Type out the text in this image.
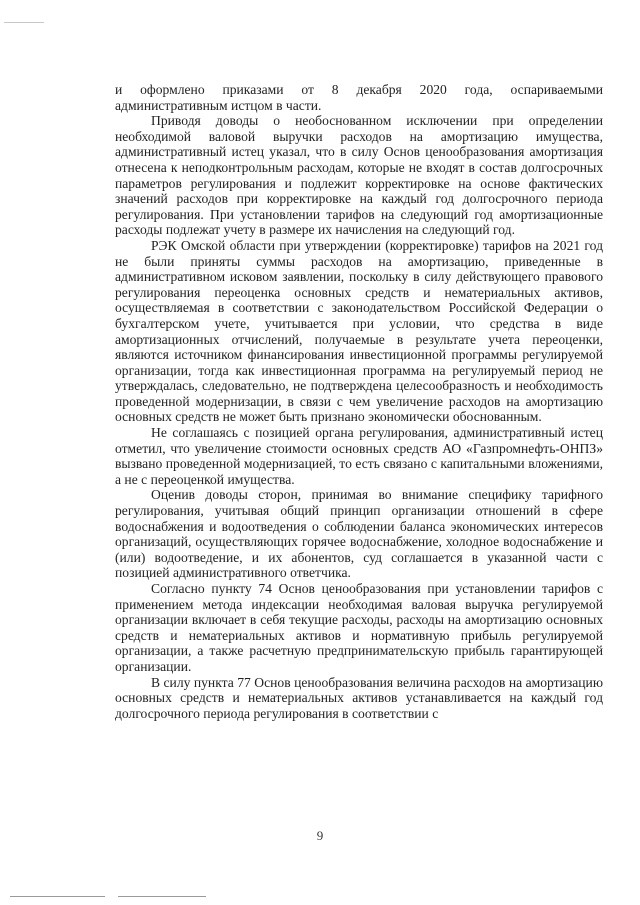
и оформлено приказами от 8 декабря 2020 года, оспариваемыми административным истцом в части.

Приводя доводы о необоснованном исключении при определении необходимой валовой выручки расходов на амортизацию имущества, административный истец указал, что в силу Основ ценообразования амортизация отнесена к неподконтрольным расходам, которые не входят в состав долгосрочных параметров регулирования и подлежит корректировке на основе фактических значений расходов при корректировке на каждый год долгосрочного периода регулирования. При установлении тарифов на следующий год амортизационные расходы подлежат учету в размере их начисления на следующий год.

РЭК Омской области при утверждении (корректировке) тарифов на 2021 год не были приняты суммы расходов на амортизацию, приведенные в административном исковом заявлении, поскольку в силу действующего правового регулирования переоценка основных средств и нематериальных активов, осуществляемая в соответствии с законодательством Российской Федерации о бухгалтерском учете, учитывается при условии, что средства в виде амортизационных отчислений, получаемые в результате учета переоценки, являются источником финансирования инвестиционной программы регулируемой организации, тогда как инвестиционная программа на регулируемый период не утверждалась, следовательно, не подтверждена целесообразность и необходимость проведенной модернизации, в связи с чем увеличение расходов на амортизацию основных средств не может быть признано экономически обоснованным.

Не соглашаясь с позицией органа регулирования, административный истец отметил, что увеличение стоимости основных средств АО «Газпромнефть-ОНПЗ» вызвано проведенной модернизацией, то есть связано с капитальными вложениями, а не с переоценкой имущества.

Оценив доводы сторон, принимая во внимание специфику тарифного регулирования, учитывая общий принцип организации отношений в сфере водоснабжения и водоотведения о соблюдении баланса экономических интересов организаций, осуществляющих горячее водоснабжение, холодное водоснабжение и (или) водоотведение, и их абонентов, суд соглашается в указанной части с позицией административного ответчика.

Согласно пункту 74 Основ ценообразования при установлении тарифов с применением метода индексации необходимая валовая выручка регулируемой организации включает в себя текущие расходы, расходы на амортизацию основных средств и нематериальных активов и нормативную прибыль регулируемой организации, а также расчетную предпринимательскую прибыль гарантирующей организации.

В силу пункта 77 Основ ценообразования величина расходов на амортизацию основных средств и нематериальных активов устанавливается на каждый год долгосрочного периода регулирования в соответствии с

9
